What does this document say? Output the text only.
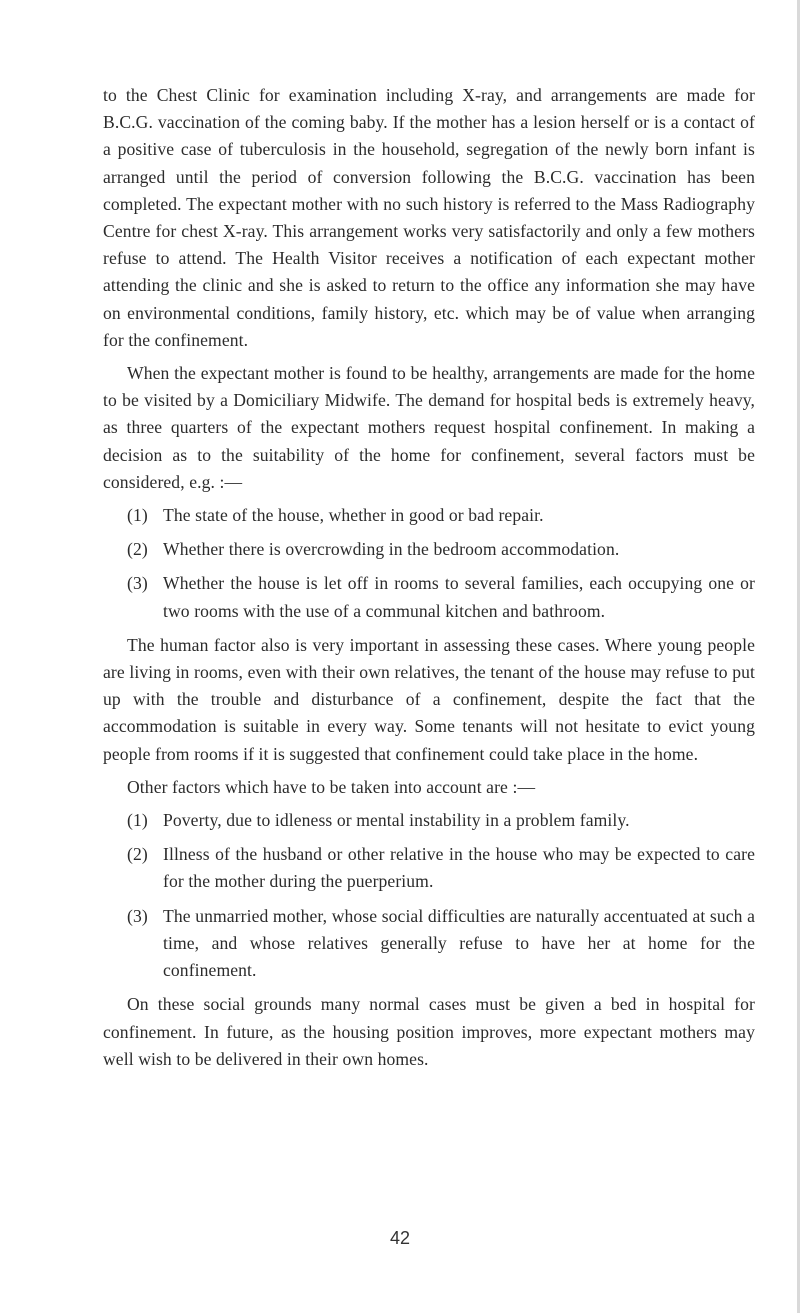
to the Chest Clinic for examination including X-ray, and arrangements are made for B.C.G. vaccination of the coming baby. If the mother has a lesion herself or is a contact of a positive case of tuberculosis in the household, segregation of the newly born infant is arranged until the period of conversion following the B.C.G. vaccination has been completed. The expectant mother with no such history is referred to the Mass Radiography Centre for chest X-ray. This arrangement works very satisfactorily and only a few mothers refuse to attend. The Health Visitor receives a notification of each expectant mother attending the clinic and she is asked to return to the office any information she may have on environmental conditions, family history, etc. which may be of value when arranging for the confinement.

When the expectant mother is found to be healthy, arrangements are made for the home to be visited by a Domiciliary Midwife. The demand for hospital beds is extremely heavy, as three quarters of the expectant mothers request hospital confinement. In making a decision as to the suitability of the home for confinement, several factors must be considered, e.g. :—

(1) The state of the house, whether in good or bad repair.
(2) Whether there is overcrowding in the bedroom accommodation.
(3) Whether the house is let off in rooms to several families, each occupying one or two rooms with the use of a communal kitchen and bathroom.

The human factor also is very important in assessing these cases. Where young people are living in rooms, even with their own relatives, the tenant of the house may refuse to put up with the trouble and disturbance of a confinement, despite the fact that the accommodation is suitable in every way. Some tenants will not hesitate to evict young people from rooms if it is suggested that confinement could take place in the home.

Other factors which have to be taken into account are :—

(1) Poverty, due to idleness or mental instability in a problem family.
(2) Illness of the husband or other relative in the house who may be expected to care for the mother during the puerperium.
(3) The unmarried mother, whose social difficulties are naturally accentuated at such a time, and whose relatives generally refuse to have her at home for the confinement.

On these social grounds many normal cases must be given a bed in hospital for confinement. In future, as the housing position improves, more expectant mothers may well wish to be delivered in their own homes.

42
